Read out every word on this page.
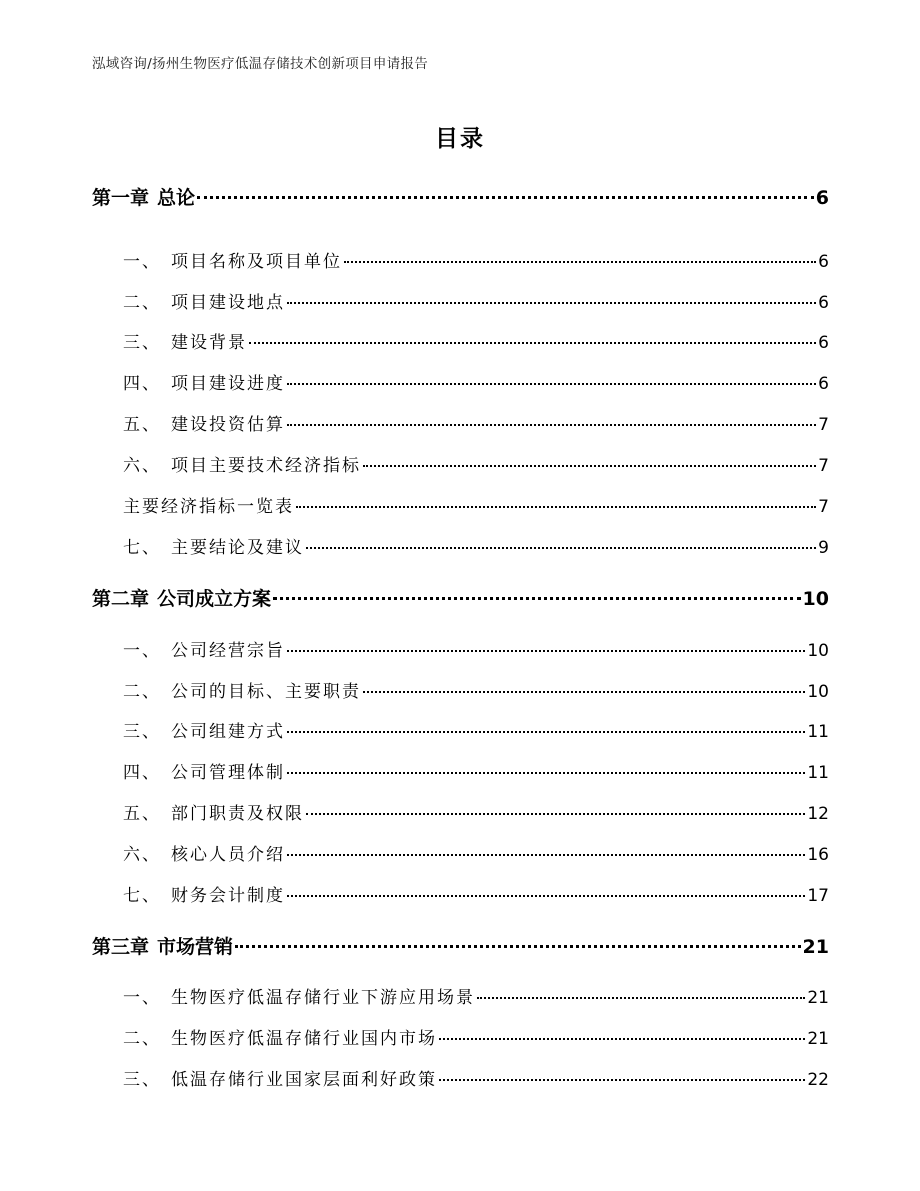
泓域咨询/扬州生物医疗低温存储技术创新项目申请报告
目录
第一章 总论	6
一、 项目名称及项目单位	6
二、 项目建设地点	6
三、 建设背景	6
四、 项目建设进度	6
五、 建设投资估算	7
六、 项目主要技术经济指标	7
主要经济指标一览表	7
七、 主要结论及建议	9
第二章 公司成立方案	10
一、 公司经营宗旨	10
二、 公司的目标、主要职责	10
三、 公司组建方式	11
四、 公司管理体制	11
五、 部门职责及权限	12
六、 核心人员介绍	16
七、 财务会计制度	17
第三章 市场营销	21
一、 生物医疗低温存储行业下游应用场景	21
二、 生物医疗低温存储行业国内市场	21
三、 低温存储行业国家层面利好政策	22
